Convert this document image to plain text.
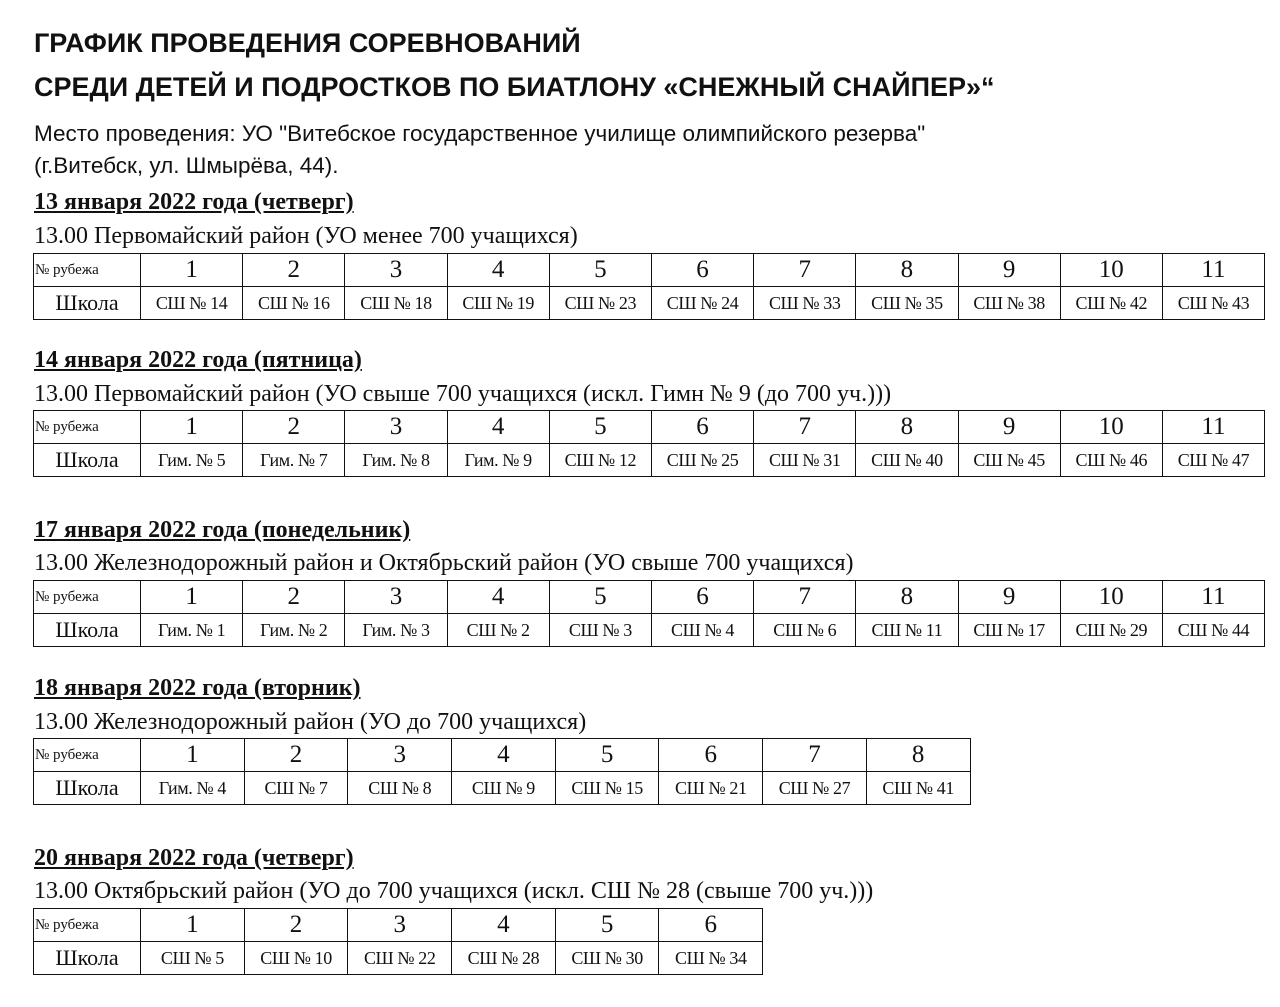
ГРАФИК ПРОВЕДЕНИЯ СОРЕВНОВАНИЙ
СРЕДИ ДЕТЕЙ И ПОДРОСТКОВ ПО БИАТЛОНУ «СНЕЖНЫЙ СНАЙПЕР»“

Место проведения: УО "Витебское государственное училище олимпийского резерва"

(г.Витебск, ул. Шмырёва, 44).

13 января 2022 года (четверг)

13.00 Первомайский район (УО менее 700 учащихся)

№ рубежа	1	2	3	4	5	6	7	8	9	10	11
Школа	СШ № 14	СШ № 16	СШ № 18	СШ № 19	СШ № 23	СШ № 24	СШ № 33	СШ № 35	СШ № 38	СШ № 42	СШ № 43
14 января 2022 года (пятница)

13.00 Первомайский район (УО свыше 700 учащихся (искл. Гимн № 9 (до 700 уч.)))

№ рубежа	1	2	3	4	5	6	7	8	9	10	11
Школа	Гим. № 5	Гим. № 7	Гим. № 8	Гим. № 9	СШ № 12	СШ № 25	СШ № 31	СШ № 40	СШ № 45	СШ № 46	СШ № 47
17 января 2022 года (понедельник)

13.00 Железнодорожный район и Октябрьский район (УО свыше 700 учащихся)

№ рубежа	1	2	3	4	5	6	7	8	9	10	11
Школа	Гим. № 1	Гим. № 2	Гим. № 3	СШ № 2	СШ № 3	СШ № 4	СШ № 6	СШ № 11	СШ № 17	СШ № 29	СШ № 44
18 января 2022 года (вторник)

13.00 Железнодорожный район (УО до 700 учащихся)

№ рубежа	1	2	3	4	5	6	7	8
Школа	Гим. № 4	СШ № 7	СШ № 8	СШ № 9	СШ № 15	СШ № 21	СШ № 27	СШ № 41
20 января 2022 года (четверг)

13.00 Октябрьский район (УО до 700 учащихся (искл. СШ № 28 (свыше 700 уч.)))

№ рубежа	1	2	3	4	5	6
Школа	СШ № 5	СШ № 10	СШ № 22	СШ № 28	СШ № 30	СШ № 34
